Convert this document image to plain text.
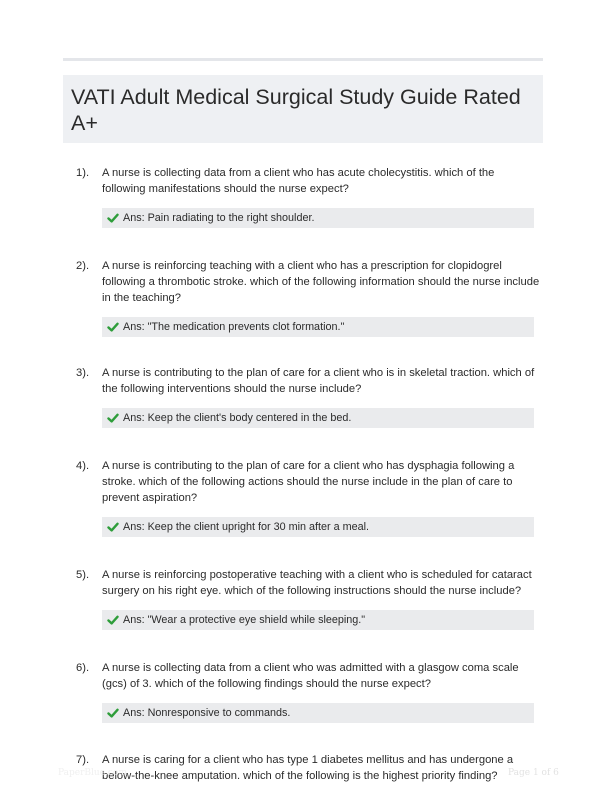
VATI Adult Medical Surgical Study Guide Rated A+
1). A nurse is collecting data from a client who has acute cholecystitis. which of the following manifestations should the nurse expect?
Ans: Pain radiating to the right shoulder.
2). A nurse is reinforcing teaching with a client who has a prescription for clopidogrel following a thrombotic stroke. which of the following information should the nurse include in the teaching?
Ans: "The medication prevents clot formation."
3). A nurse is contributing to the plan of care for a client who is in skeletal traction. which of the following interventions should the nurse include?
Ans: Keep the client's body centered in the bed.
4). A nurse is contributing to the plan of care for a client who has dysphagia following a stroke. which of the following actions should the nurse include in the plan of care to prevent aspiration?
Ans: Keep the client upright for 30 min after a meal.
5). A nurse is reinforcing postoperative teaching with a client who is scheduled for cataract surgery on his right eye. which of the following instructions should the nurse include?
Ans: "Wear a protective eye shield while sleeping."
6). A nurse is collecting data from a client who was admitted with a glasgow coma scale (gcs) of 3. which of the following findings should the nurse expect?
Ans: Nonresponsive to commands.
7). A nurse is caring for a client who has type 1 diabetes mellitus and has undergone a below-the-knee amputation. which of the following is the highest priority finding?
PaperBlue.com	Page 1 of 6
